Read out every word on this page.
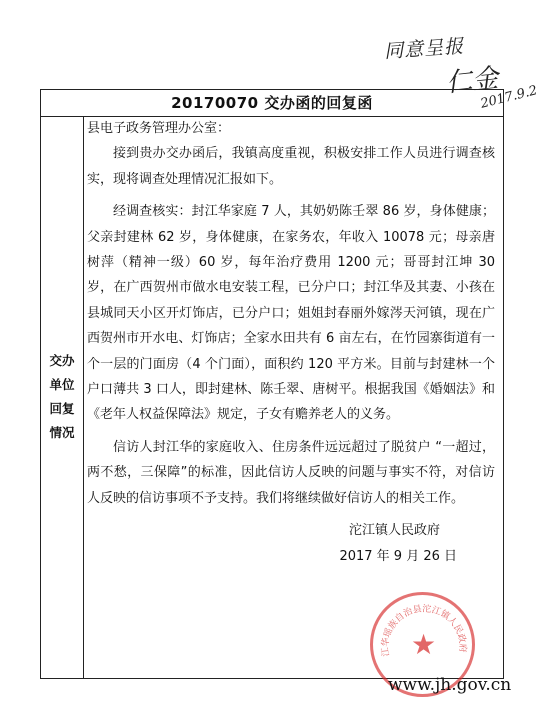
同意呈报
仁金
2017.9.2
20170070 交办函的回复函
交办
单位
回复
情况

县电子政务管理办公室：

接到贵办交办函后，我镇高度重视，积极安排工作人员进行调查核实，现将调查处理情况汇报如下。

经调查核实：封江华家庭 7 人，其奶奶陈壬翠 86 岁，身体健康；父亲封建林 62 岁，身体健康，在家务农，年收入 10078 元；母亲唐树萍（精神一级）60 岁，每年治疗费用 1200 元；哥哥封江坤 30 岁，在广西贺州市做水电安装工程，已分户口；封江华及其妻、小孩在县城同天小区开灯饰店，已分户口；姐姐封春丽外嫁涔天河镇，现在广西贺州市开水电、灯饰店；全家水田共有 6 亩左右，在竹园寨街道有一个一层的门面房（4 个门面），面积约 120 平方米。目前与封建林一个户口薄共 3 口人，即封建林、陈壬翠、唐树平。根据我国《婚姻法》和《老年人权益保障法》规定，子女有赡养老人的义务。

信访人封江华的家庭收入、住房条件远远超过了脱贫户 “一超过，两不愁，三保障”的标准，因此信访人反映的问题与事实不符，对信访人反映的信访事项不予支持。我们将继续做好信访人的相关工作。

沱江镇人民政府

2017 年 9 月 26 日

江华瑶族自治县沱江镇人民政府
★
www.jh.gov.cn
